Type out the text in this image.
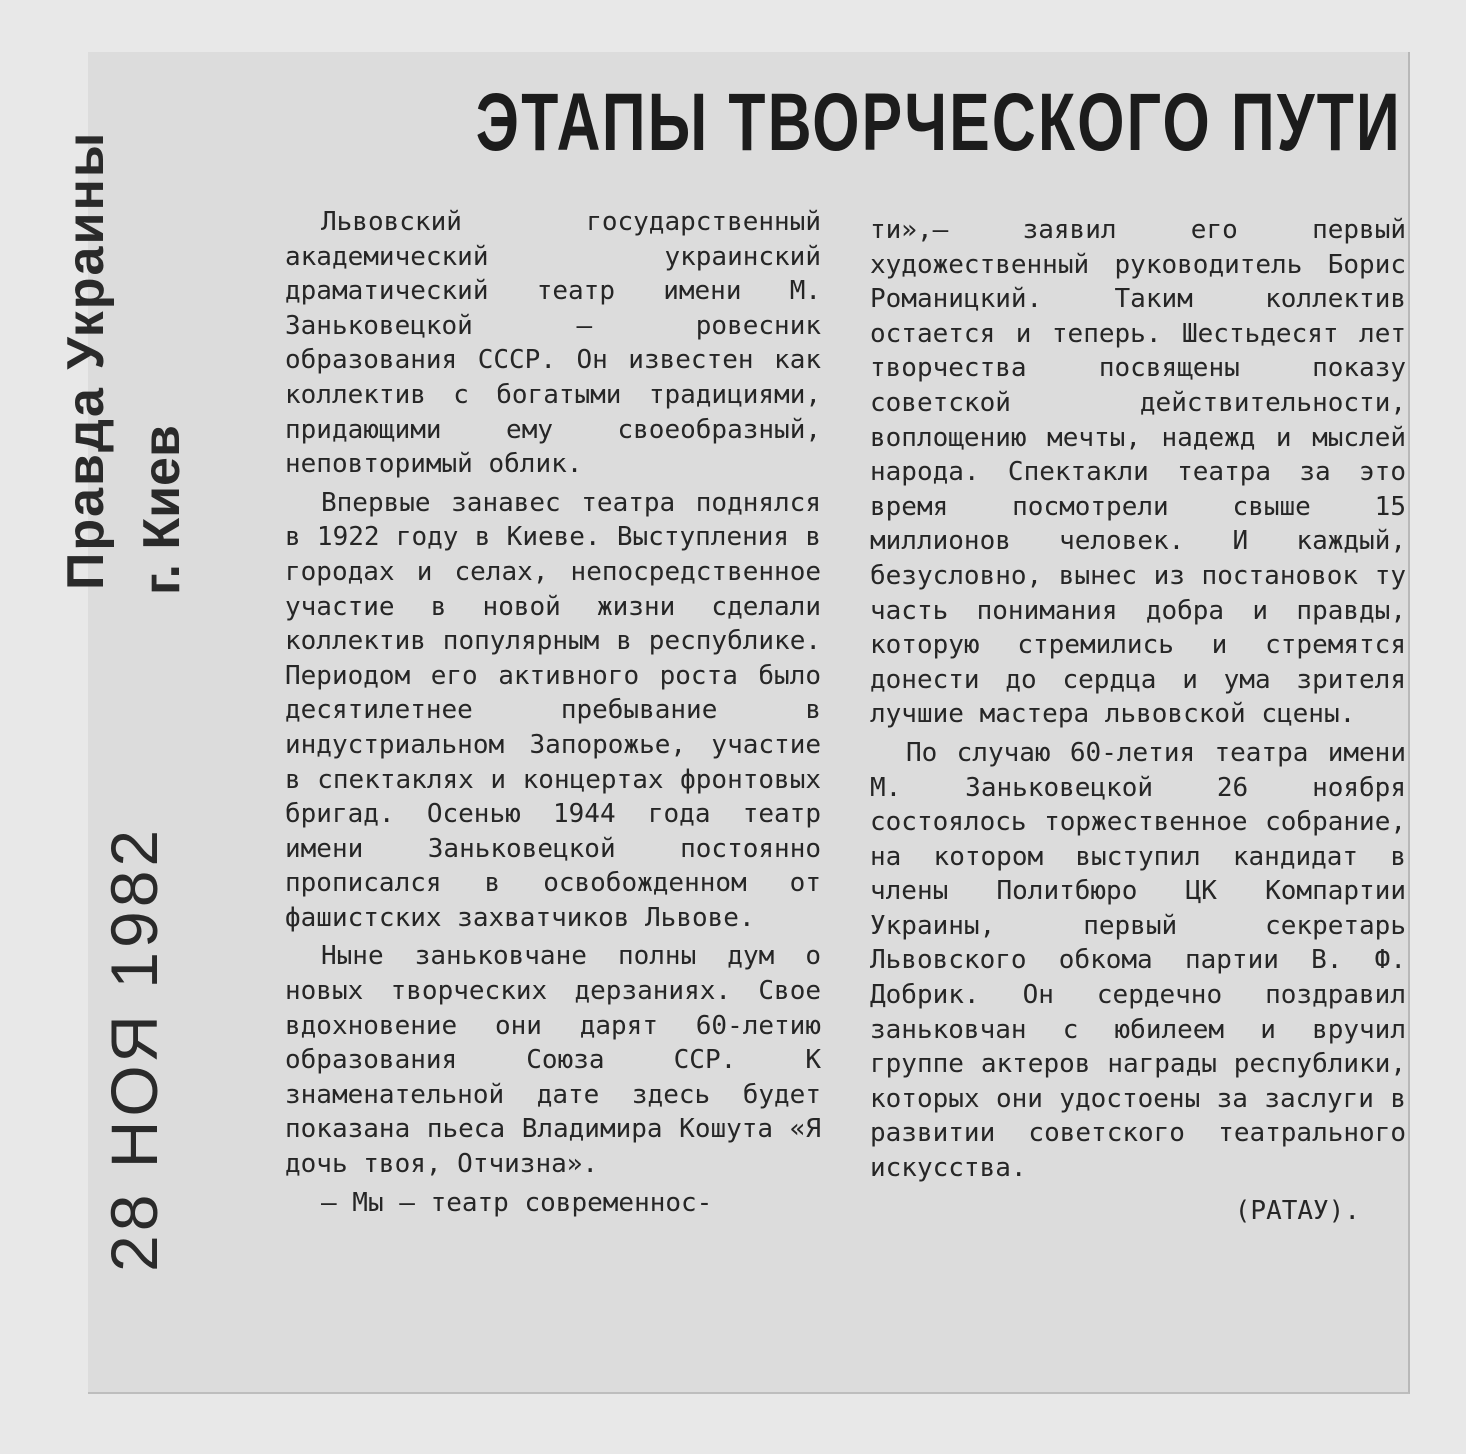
ЭТАПЫ ТВОРЧЕСКОГО ПУТИ

Львовский государственный академический украинский драматический театр имени М. Заньковецкой — ровесник образования СССР. Он известен как коллектив с богатыми традициями, придающими ему своеобразный, неповторимый облик.

Впервые занавес театра поднялся в 1922 году в Киеве. Выступления в городах и селах, непосредственное участие в новой жизни сделали коллектив популярным в республике. Периодом его активного роста было десятилетнее пребывание в индустриальном Запорожье, участие в спектаклях и концертах фронтовых бригад. Осенью 1944 года театр имени Заньковецкой постоянно прописался в освобожденном от фашистских захватчиков Львове.

Ныне заньковчане полны дум о новых творческих дерзаниях. Свое вдохновение они дарят 60-летию образования Союза ССР. К знаменательной дате здесь будет показана пьеса Владимира Кошута «Я дочь твоя, Отчизна».

— Мы — театр современнос-

ти»,— заявил его первый художественный руководитель Борис Романицкий. Таким коллектив остается и теперь. Шестьдесят лет творчества посвящены показу советской действительности, воплощению мечты, надежд и мыслей народа. Спектакли театра за это время посмотрели свыше 15 миллионов человек. И каждый, безусловно, вынес из постановок ту часть понимания добра и правды, которую стремились и стремятся донести до сердца и ума зрителя лучшие мастера львовской сцены.

По случаю 60-летия театра имени М. Заньковецкой 26 ноября состоялось торжественное собрание, на котором выступил кандидат в члены Политбюро ЦК Компартии Украины, первый секретарь Львовского обкома партии В. Ф. Добрик. Он сердечно поздравил заньковчан с юбилеем и вручил группе актеров награды республики, которых они удостоены за заслуги в развитии советского театрального искусства.

(РАТАУ).

Правда Украины г. Киев
28 НОЯ 1982
